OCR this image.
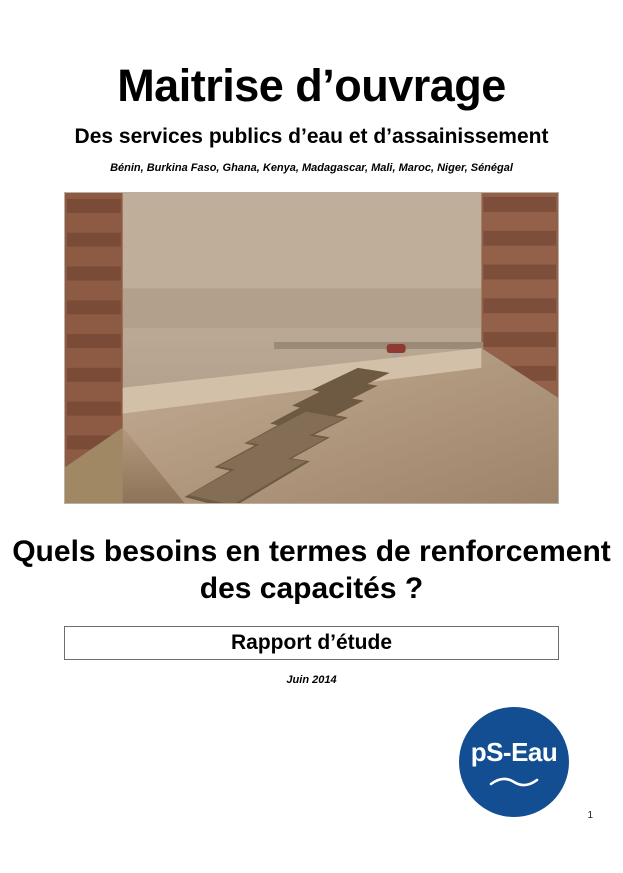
Maitrise d’ouvrage
Des services publics d’eau et d’assainissement

Bénin, Burkina Faso, Ghana, Kenya, Madagascar, Mali, Maroc, Niger, Sénégal

Quels besoins en termes de renforcement des capacités ?
Rapport d’étude

Juin 2014

pS-Eau
1
